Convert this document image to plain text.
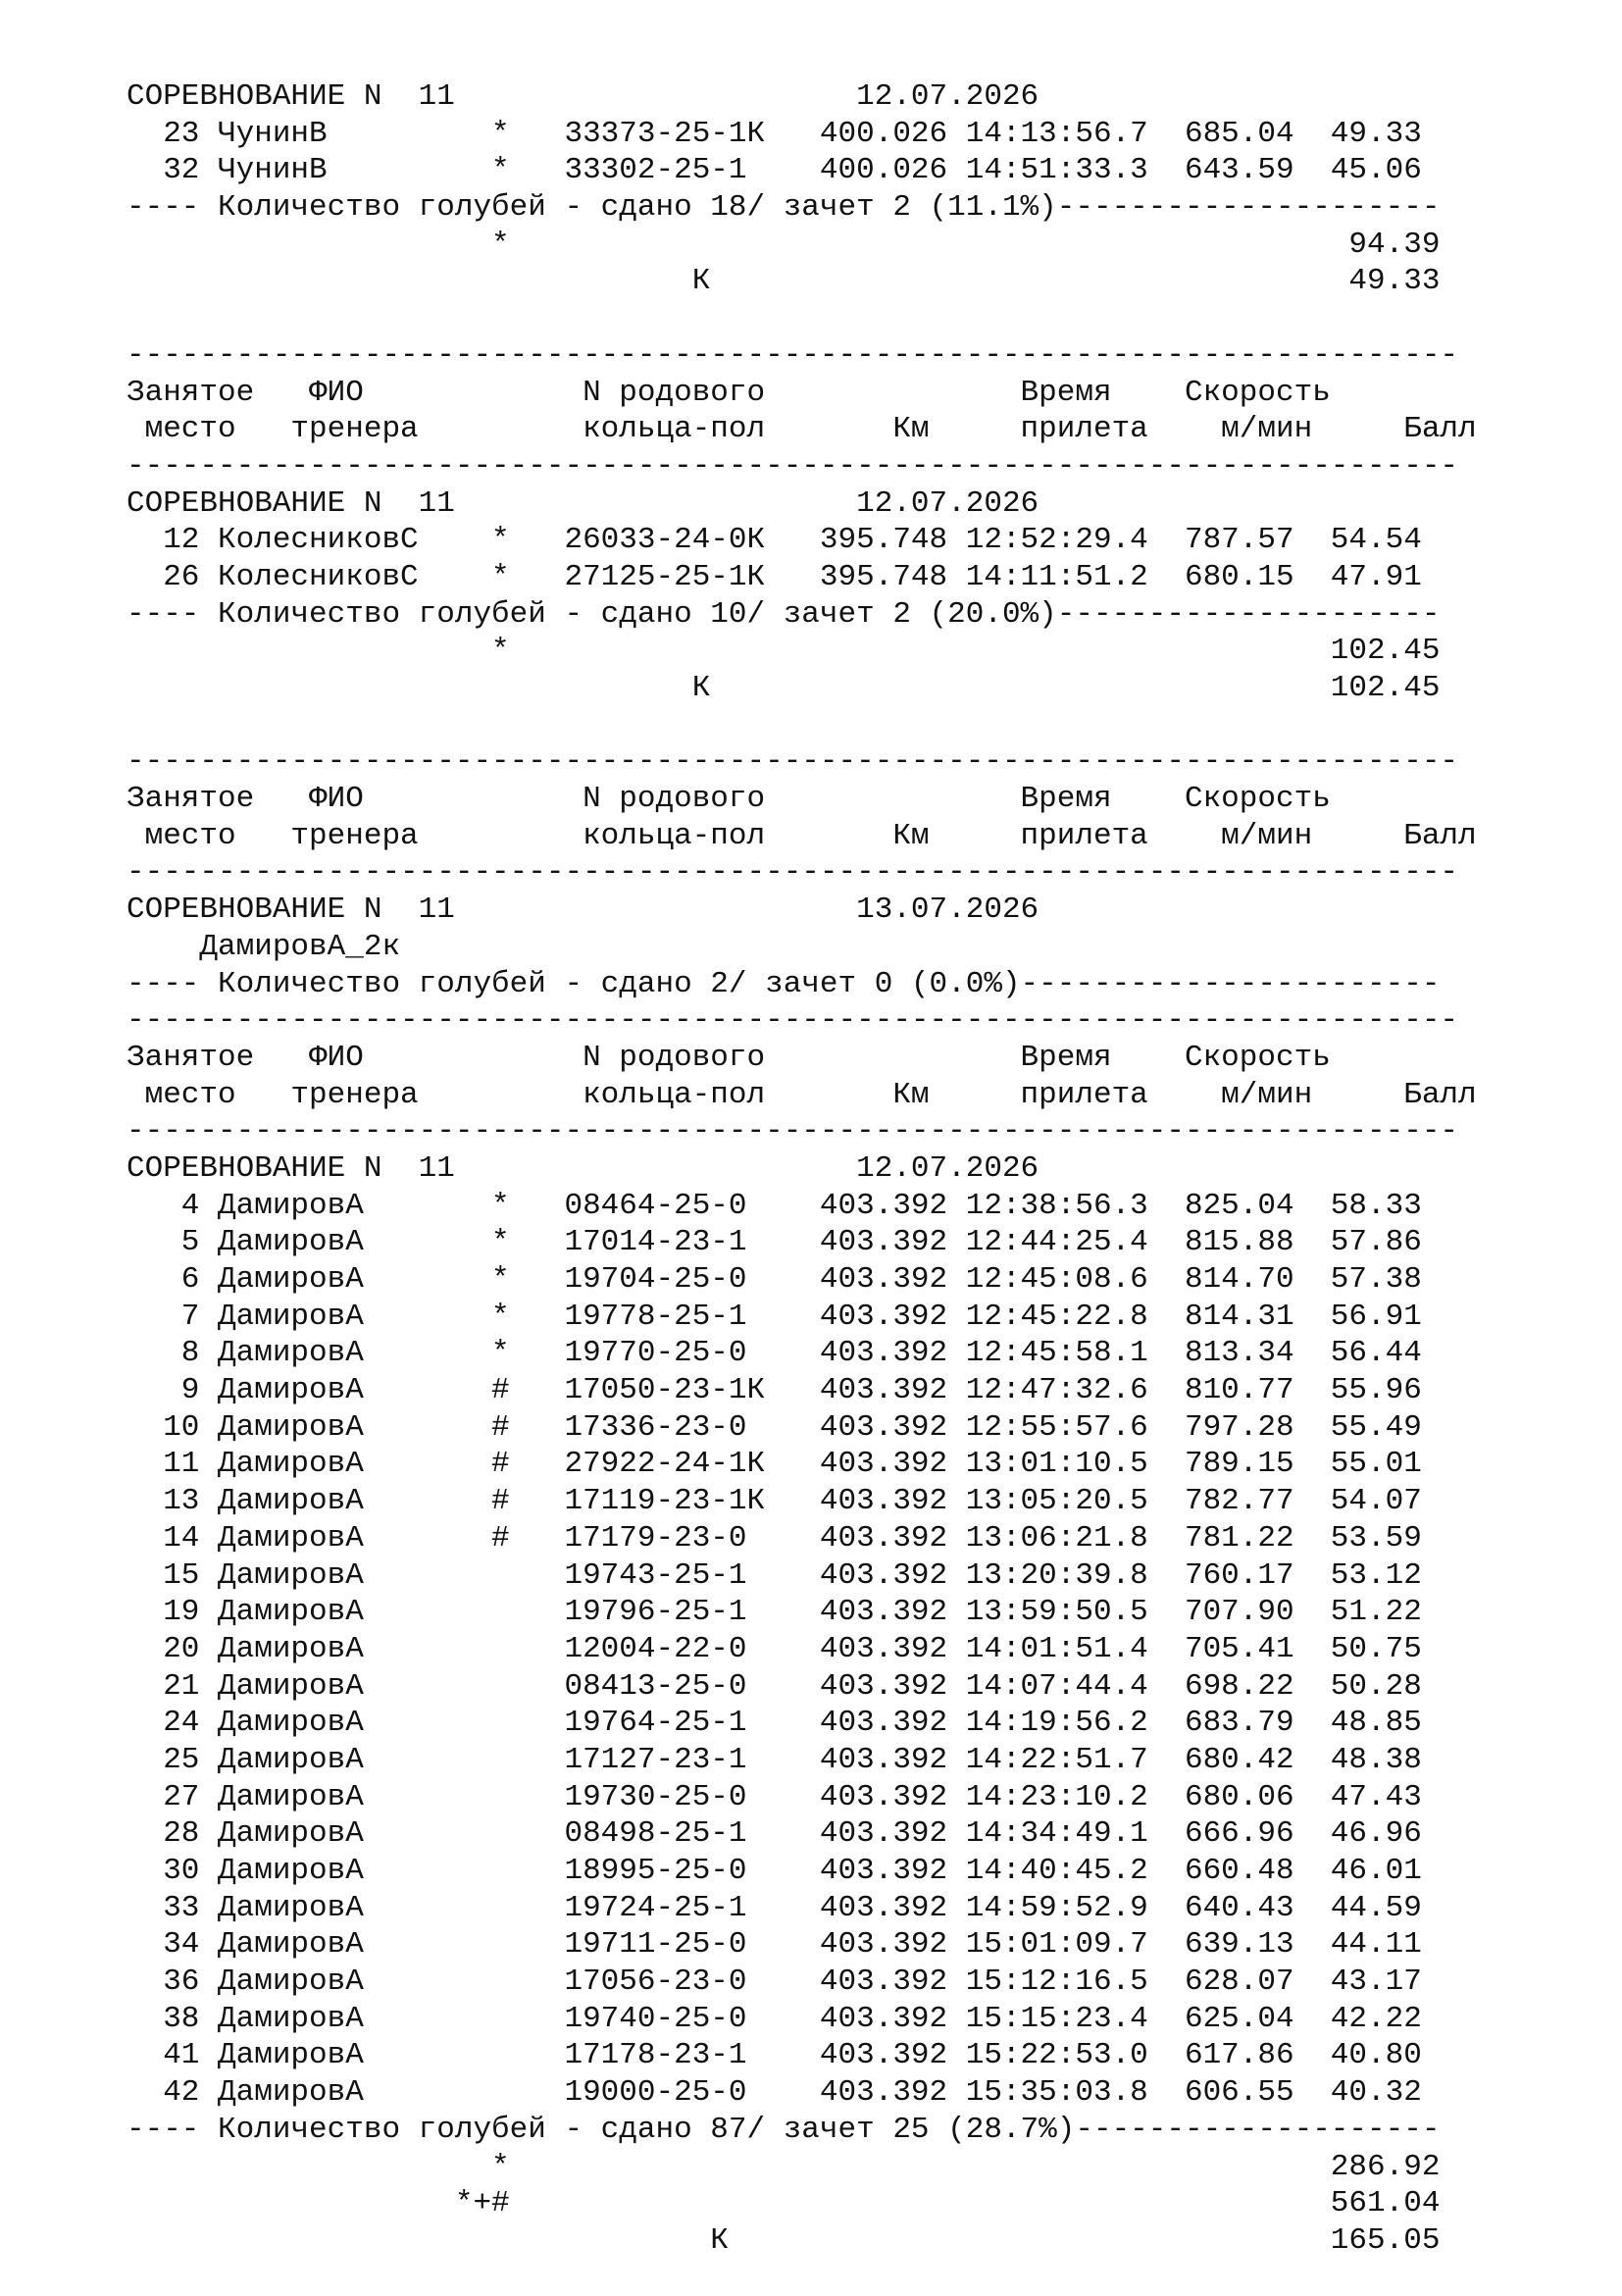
СОРЕВНОВАНИЕ N  11                      12.07.2026
23 ЧунинВ         *   33373-25-1К   400.026 14:13:56.7  685.04  49.33
32 ЧунинВ         *   33302-25-1    400.026 14:51:33.3  643.59  45.06
---- Количество голубей - сдано 18/ зачет 2 (11.1%)---------------------
*                                              94.39
К                                   49.33
-------------------------------------------------------------------------
Занятое   ФИО            N родового              Время    Скорость
место   тренера         кольца-пол       Км     прилета    м/мин     Балл
-------------------------------------------------------------------------
СОРЕВНОВАНИЕ N  11                      12.07.2026
12 КолесниковС    *   26033-24-0К   395.748 12:52:29.4  787.57  54.54
26 КолесниковС    *   27125-25-1К   395.748 14:11:51.2  680.15  47.91
---- Количество голубей - сдано 10/ зачет 2 (20.0%)---------------------
*                                             102.45
К                                  102.45
-------------------------------------------------------------------------
Занятое   ФИО            N родового              Время    Скорость
место   тренера         кольца-пол       Км     прилета    м/мин     Балл
-------------------------------------------------------------------------
СОРЕВНОВАНИЕ N  11                      13.07.2026
ДамировА_2к
---- Количество голубей - сдано 2/ зачет 0 (0.0%)-----------------------
-------------------------------------------------------------------------
Занятое   ФИО            N родового              Время    Скорость
место   тренера         кольца-пол       Км     прилета    м/мин     Балл
-------------------------------------------------------------------------
СОРЕВНОВАНИЕ N  11                      12.07.2026
4 ДамировА       *   08464-25-0    403.392 12:38:56.3  825.04  58.33
5 ДамировА       *   17014-23-1    403.392 12:44:25.4  815.88  57.86
6 ДамировА       *   19704-25-0    403.392 12:45:08.6  814.70  57.38
7 ДамировА       *   19778-25-1    403.392 12:45:22.8  814.31  56.91
8 ДамировА       *   19770-25-0    403.392 12:45:58.1  813.34  56.44
9 ДамировА       #   17050-23-1К   403.392 12:47:32.6  810.77  55.96
10 ДамировА       #   17336-23-0    403.392 12:55:57.6  797.28  55.49
11 ДамировА       #   27922-24-1К   403.392 13:01:10.5  789.15  55.01
13 ДамировА       #   17119-23-1К   403.392 13:05:20.5  782.77  54.07
14 ДамировА       #   17179-23-0    403.392 13:06:21.8  781.22  53.59
15 ДамировА           19743-25-1    403.392 13:20:39.8  760.17  53.12
19 ДамировА           19796-25-1    403.392 13:59:50.5  707.90  51.22
20 ДамировА           12004-22-0    403.392 14:01:51.4  705.41  50.75
21 ДамировА           08413-25-0    403.392 14:07:44.4  698.22  50.28
24 ДамировА           19764-25-1    403.392 14:19:56.2  683.79  48.85
25 ДамировА           17127-23-1    403.392 14:22:51.7  680.42  48.38
27 ДамировА           19730-25-0    403.392 14:23:10.2  680.06  47.43
28 ДамировА           08498-25-1    403.392 14:34:49.1  666.96  46.96
30 ДамировА           18995-25-0    403.392 14:40:45.2  660.48  46.01
33 ДамировА           19724-25-1    403.392 14:59:52.9  640.43  44.59
34 ДамировА           19711-25-0    403.392 15:01:09.7  639.13  44.11
36 ДамировА           17056-23-0    403.392 15:12:16.5  628.07  43.17
38 ДамировА           19740-25-0    403.392 15:15:23.4  625.04  42.22
41 ДамировА           17178-23-1    403.392 15:22:53.0  617.86  40.80
42 ДамировА           19000-25-0    403.392 15:35:03.8  606.55  40.32
---- Количество голубей - сдано 87/ зачет 25 (28.7%)--------------------
*                                             286.92
*+#                                             561.04
К                                 165.05
